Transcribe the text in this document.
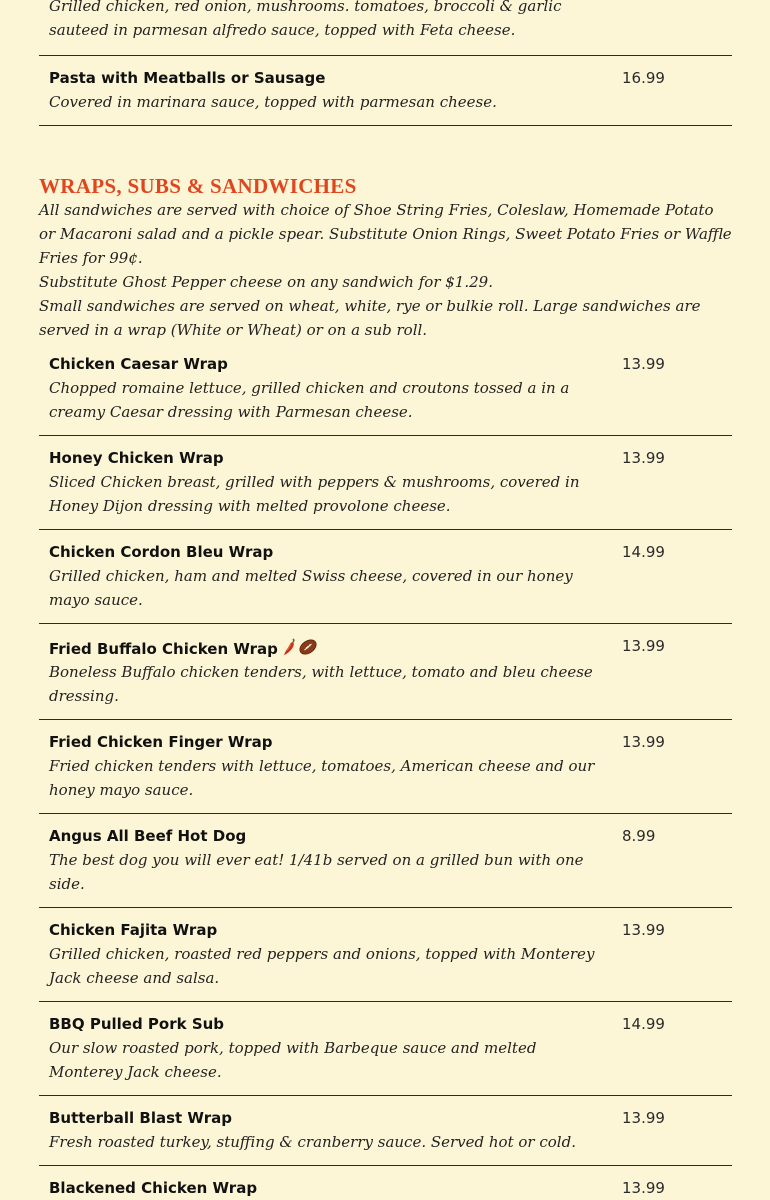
Grilled chicken, red onion, mushrooms. tomatoes, broccoli & garlic sauteed in parmesan alfredo sauce, topped with Feta cheese.
Pasta with Meatballs or Sausage
Covered in marinara sauce, topped with parmesan cheese.
16.99
WRAPS, SUBS & SANDWICHES
All sandwiches are served with choice of Shoe String Fries, Coleslaw, Homemade Potato or Macaroni salad and a pickle spear. Substitute Onion Rings, Sweet Potato Fries or Waffle Fries for 99¢.
Substitute Ghost Pepper cheese on any sandwich for $1.29.
Small sandwiches are served on wheat, white, rye or bulkie roll. Large sandwiches are served in a wrap (White or Wheat) or on a sub roll.
Chicken Caesar Wrap
Chopped romaine lettuce, grilled chicken and croutons tossed a in a creamy Caesar dressing with Parmesan cheese.
13.99
Honey Chicken Wrap
Sliced Chicken breast, grilled with peppers & mushrooms, covered in Honey Dijon dressing with melted provolone cheese.
13.99
Chicken Cordon Bleu Wrap
Grilled chicken, ham and melted Swiss cheese, covered in our honey mayo sauce.
14.99
Fried Buffalo Chicken Wrap
Boneless Buffalo chicken tenders, with lettuce, tomato and bleu cheese dressing.
13.99
Fried Chicken Finger Wrap
Fried chicken tenders with lettuce, tomatoes, American cheese and our honey mayo sauce.
13.99
Angus All Beef Hot Dog
The best dog you will ever eat! 1/41b served on a grilled bun with one side.
8.99
Chicken Fajita Wrap
Grilled chicken, roasted red peppers and onions, topped with Monterey Jack cheese and salsa.
13.99
BBQ Pulled Pork Sub
Our slow roasted pork, topped with Barbeque sauce and melted Monterey Jack cheese.
14.99
Butterball Blast Wrap
Fresh roasted turkey, stuffing & cranberry sauce. Served hot or cold.
13.99
Blackened Chicken Wrap	13.99
